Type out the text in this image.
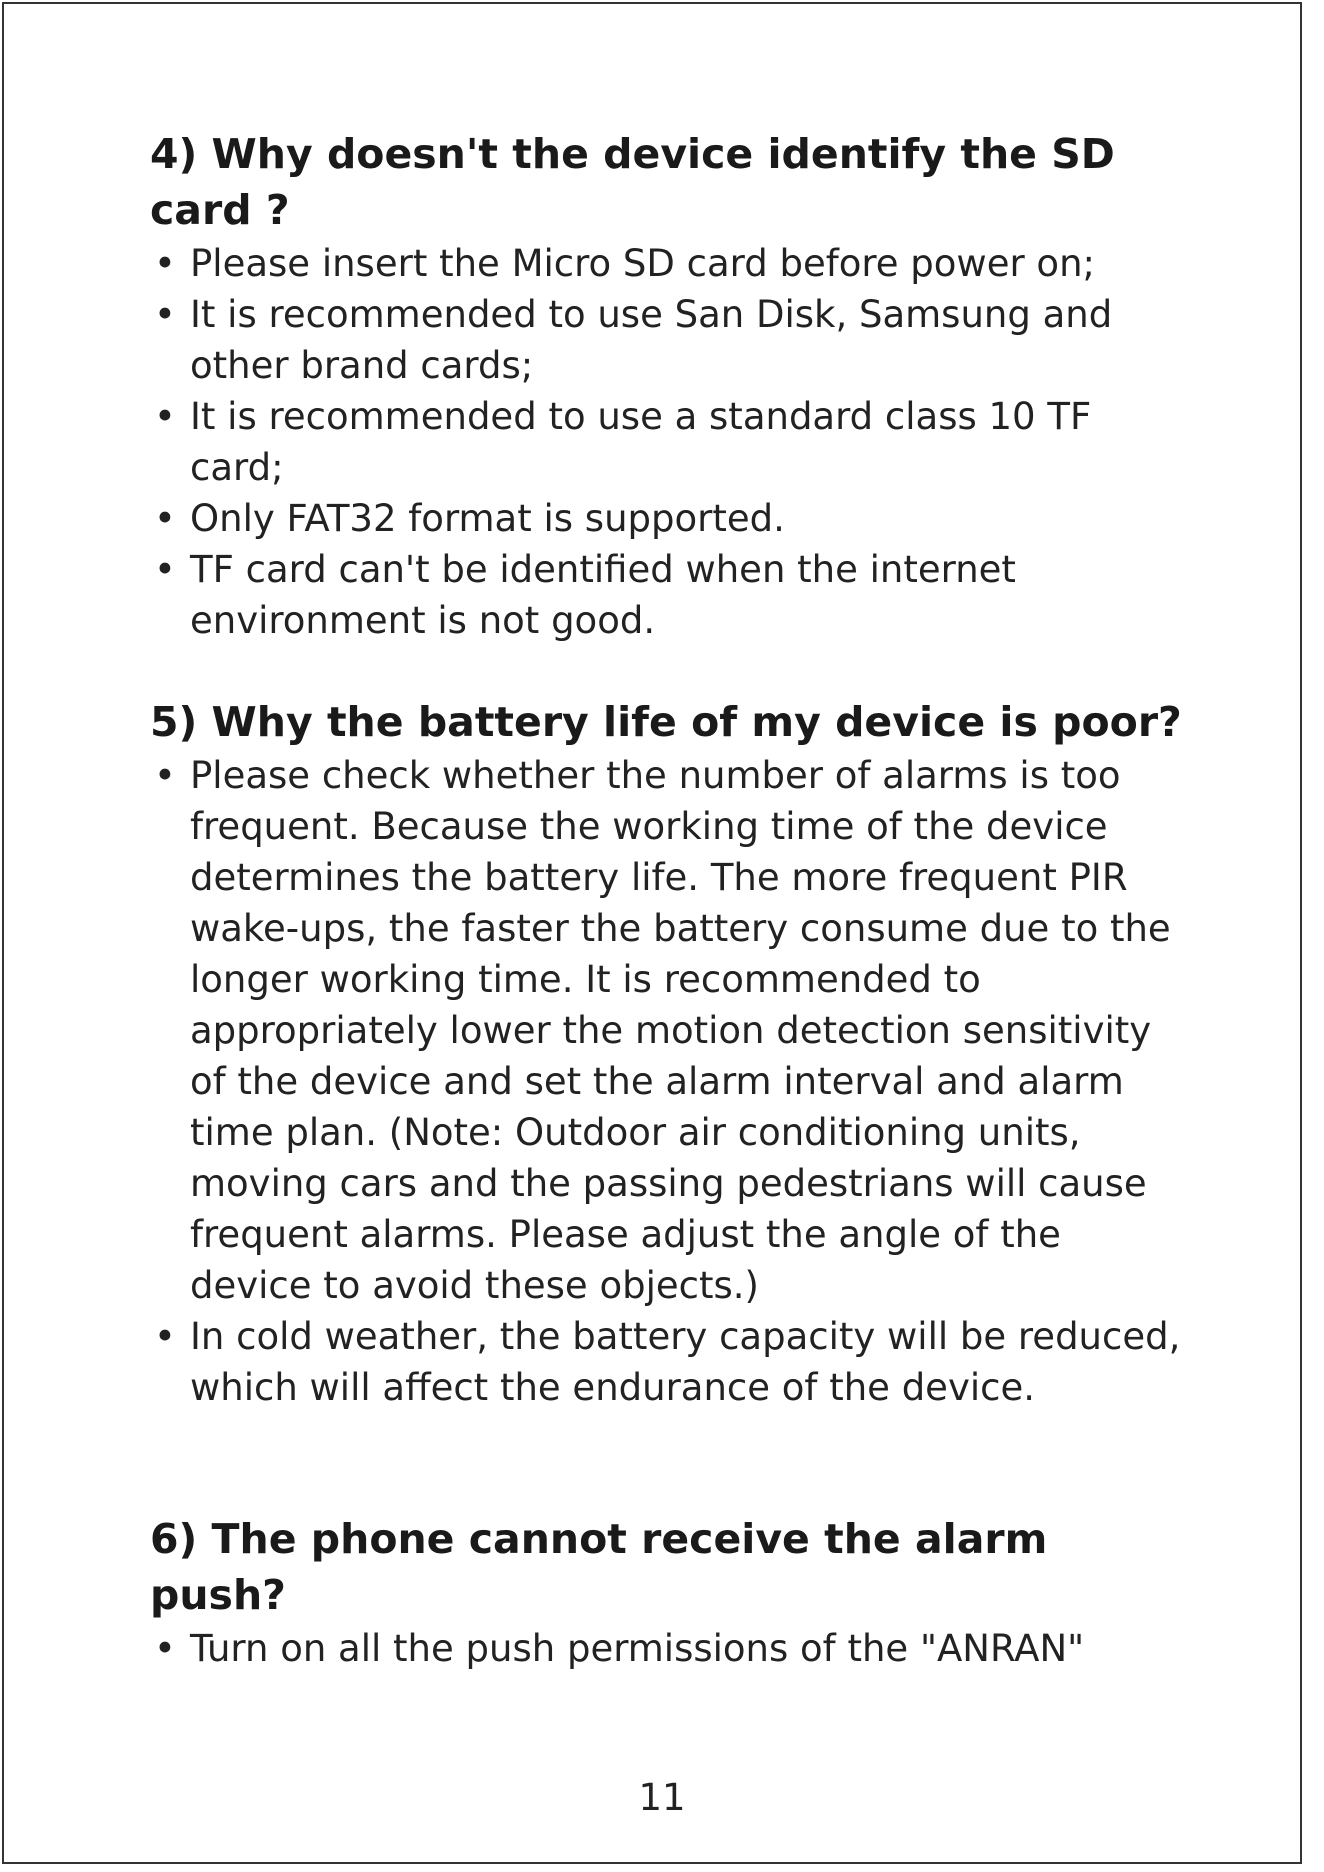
4) Why doesn't the device identify the SD card ?
• Please insert the Micro SD card before power on;
• It is recommended to use San Disk, Samsung and other brand cards;
• It is recommended to use a standard class 10 TF card;
• Only FAT32 format is supported.
• TF card can't be identified when the internet environment is not good.
5) Why the battery life of my device is poor?
• Please check whether the number of alarms is too frequent. Because the working time of the device determines the battery life. The more frequent PIR wake-ups, the faster the battery consume due to the longer working time. It is recommended to appropriately lower the motion detection sensitivity of the device and set the alarm interval and alarm time plan. (Note: Outdoor air conditioning units, moving cars and the passing pedestrians will cause frequent alarms. Please adjust the angle of the device to avoid these objects.)
• In cold weather, the battery capacity will be reduced, which will affect the endurance of the device.
6) The phone cannot receive the alarm push?
• Turn on all the push permissions of the "ANRAN"
11
